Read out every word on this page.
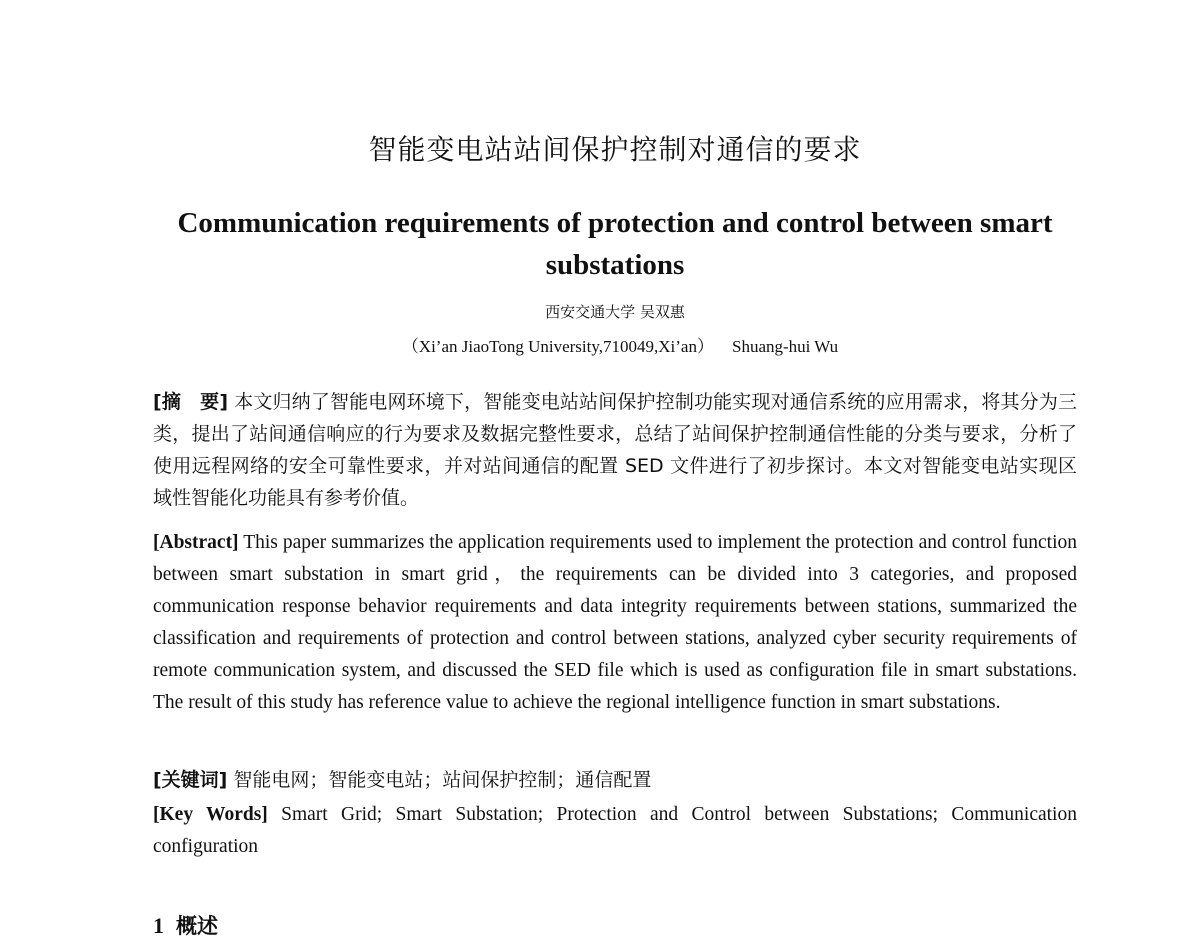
智能变电站站间保护控制对通信的要求
Communication requirements of protection and control between smart substations
西安交通大学 吴双惠
（Xi’an JiaoTong University,710049,Xi’an） Shuang-hui Wu
[摘　要] 本文归纳了智能电网环境下，智能变电站站间保护控制功能实现对通信系统的应用需求，将其分为三类，提出了站间通信响应的行为要求及数据完整性要求，总结了站间保护控制通信性能的分类与要求，分析了使用远程网络的安全可靠性要求，并对站间通信的配置 SED 文件进行了初步探讨。本文对智能变电站实现区域性智能化功能具有参考价值。
[Abstract] This paper summarizes the application requirements used to implement the protection and control function between smart substation in smart grid，the requirements can be divided into 3 categories, and proposed communication response behavior requirements and data integrity requirements between stations, summarized the classification and requirements of protection and control between stations, analyzed cyber security requirements of remote communication system, and discussed the SED file which is used as configuration file in smart substations. The result of this study has reference value to achieve the regional intelligence function in smart substations.
[关键词] 智能电网；智能变电站；站间保护控制；通信配置
[Key Words] Smart Grid; Smart Substation; Protection and Control between Substations; Communication configuration
1 概述
